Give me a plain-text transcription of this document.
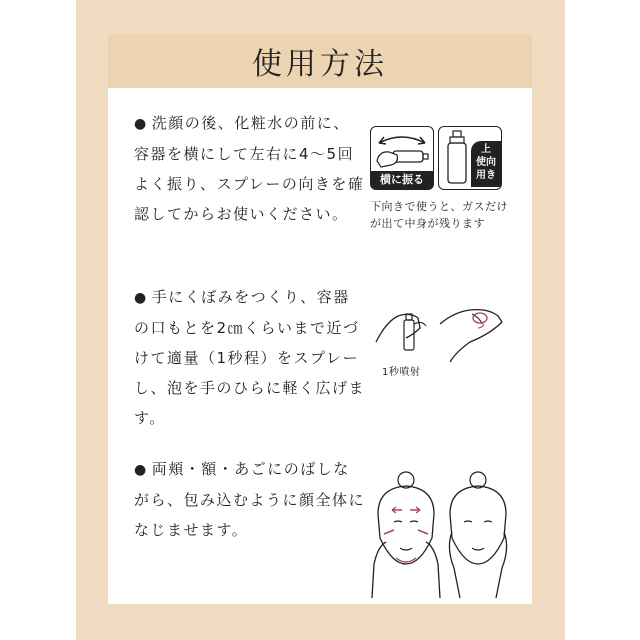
使用方法
● 洗顔の後、化粧水の前に、容器を横にして左右に4〜5回よく振り、スプレーの向きを確認してからお使いください。
横に振る
上
使向
用き
下向きで使うと、ガスだけ
が出て中身が残ります
● 手にくぼみをつくり、容器の口もとを2㎝くらいまで近づけて適量（1秒程）をスプレーし、泡を手のひらに軽く広げます。
1秒噴射
● 両頬・額・あごにのばしながら、包み込むように顔全体になじませます。
